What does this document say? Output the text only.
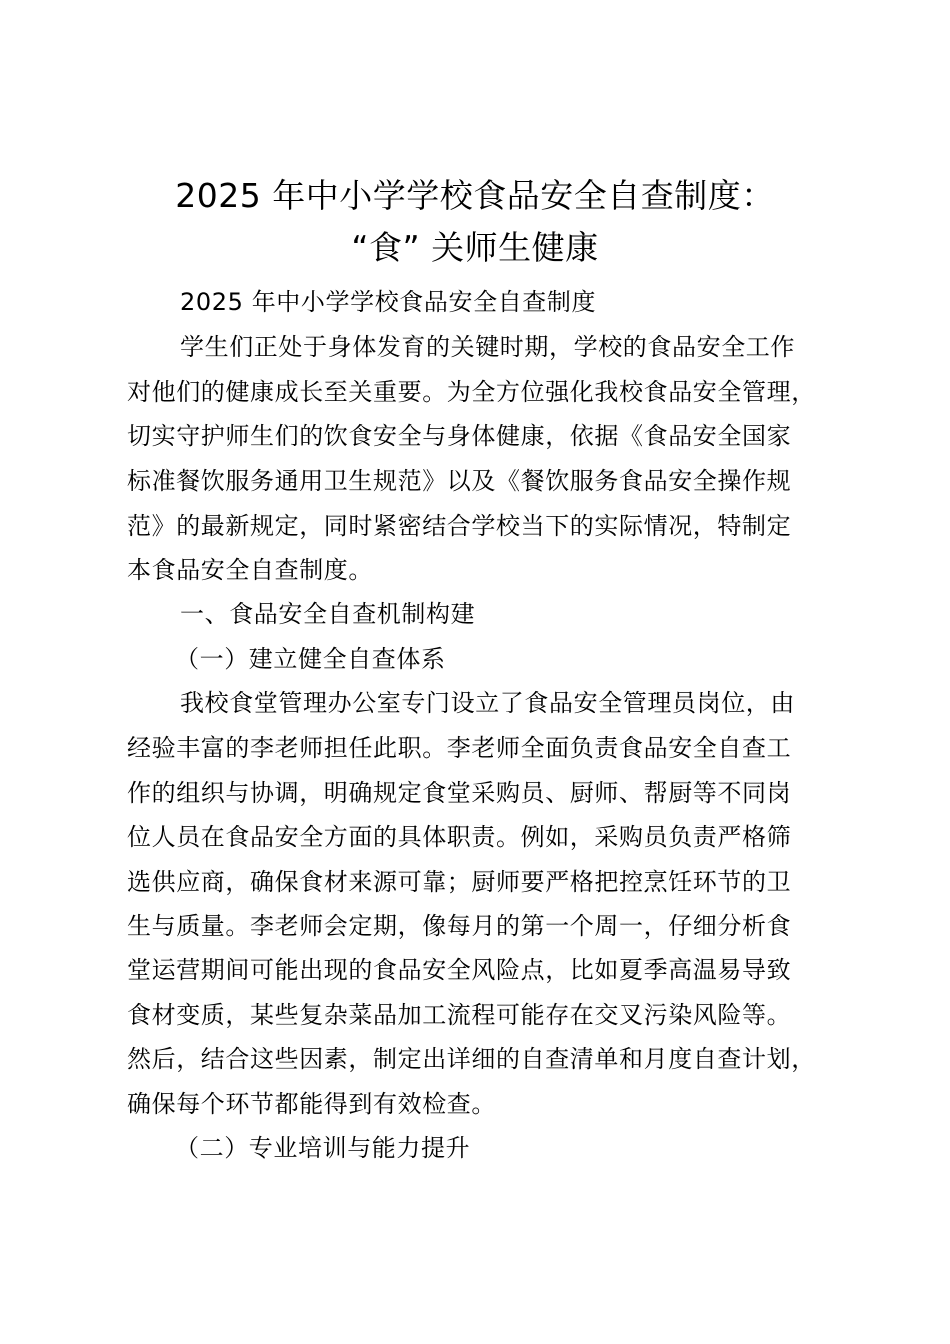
2025 年中小学学校食品安全自查制度：
“食” 关师生健康
2025 年中小学学校食品安全自查制度
学生们正处于身体发育的关键时期，学校的食品安全工作
对他们的健康成长至关重要。为全方位强化我校食品安全管理，
切实守护师生们的饮食安全与身体健康，依据《食品安全国家
标准餐饮服务通用卫生规范》以及《餐饮服务食品安全操作规
范》的最新规定，同时紧密结合学校当下的实际情况，特制定
本食品安全自查制度。
一、食品安全自查机制构建
（一）建立健全自查体系
我校食堂管理办公室专门设立了食品安全管理员岗位，由
经验丰富的李老师担任此职。李老师全面负责食品安全自查工
作的组织与协调，明确规定食堂采购员、厨师、帮厨等不同岗
位人员在食品安全方面的具体职责。例如，采购员负责严格筛
选供应商，确保食材来源可靠；厨师要严格把控烹饪环节的卫
生与质量。李老师会定期，像每月的第一个周一，仔细分析食
堂运营期间可能出现的食品安全风险点，比如夏季高温易导致
食材变质，某些复杂菜品加工流程可能存在交叉污染风险等。
然后，结合这些因素，制定出详细的自查清单和月度自查计划，
确保每个环节都能得到有效检查。
（二）专业培训与能力提升
